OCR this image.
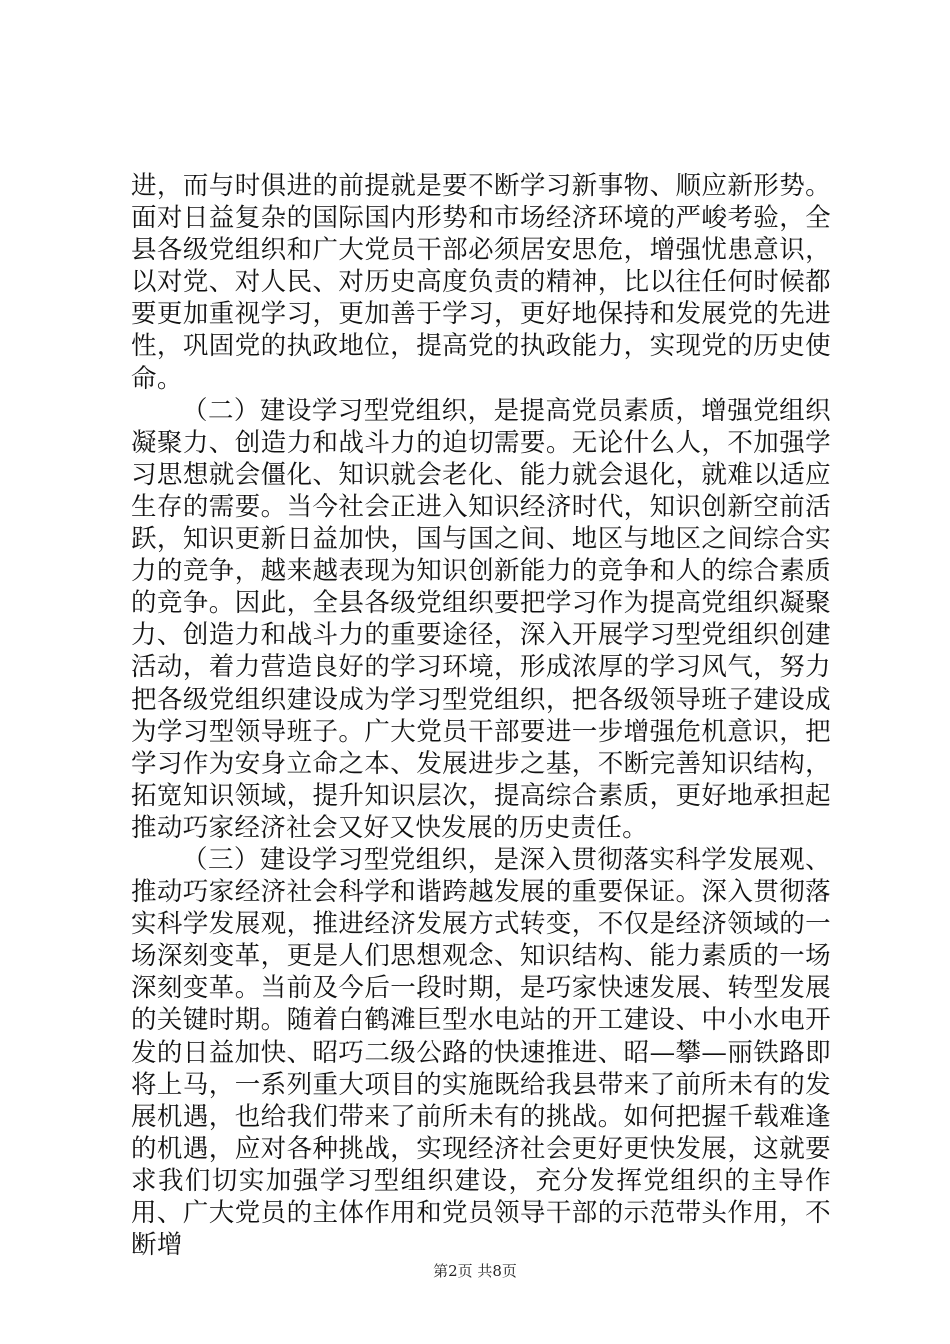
进，而与时俱进的前提就是要不断学习新事物、顺应新形势。面对日益复杂的国际国内形势和市场经济环境的严峻考验，全县各级党组织和广大党员干部必须居安思危，增强忧患意识，以对党、对人民、对历史高度负责的精神，比以往任何时候都要更加重视学习，更加善于学习，更好地保持和发展党的先进性，巩固党的执政地位，提高党的执政能力，实现党的历史使命。

（二）建设学习型党组织，是提高党员素质，增强党组织凝聚力、创造力和战斗力的迫切需要。无论什么人，不加强学习思想就会僵化、知识就会老化、能力就会退化，就难以适应生存的需要。当今社会正进入知识经济时代，知识创新空前活跃，知识更新日益加快，国与国之间、地区与地区之间综合实力的竞争，越来越表现为知识创新能力的竞争和人的综合素质的竞争。因此，全县各级党组织要把学习作为提高党组织凝聚力、创造力和战斗力的重要途径，深入开展学习型党组织创建活动，着力营造良好的学习环境，形成浓厚的学习风气，努力把各级党组织建设成为学习型党组织，把各级领导班子建设成为学习型领导班子。广大党员干部要进一步增强危机意识，把学习作为安身立命之本、发展进步之基，不断完善知识结构，拓宽知识领域，提升知识层次，提高综合素质，更好地承担起推动巧家经济社会又好又快发展的历史责任。

（三）建设学习型党组织，是深入贯彻落实科学发展观、推动巧家经济社会科学和谐跨越发展的重要保证。深入贯彻落实科学发展观，推进经济发展方式转变，不仅是经济领域的一场深刻变革，更是人们思想观念、知识结构、能力素质的一场深刻变革。当前及今后一段时期，是巧家快速发展、转型发展的关键时期。随着白鹤滩巨型水电站的开工建设、中小水电开发的日益加快、昭巧二级公路的快速推进、昭—攀—丽铁路即将上马，一系列重大项目的实施既给我县带来了前所未有的发展机遇，也给我们带来了前所未有的挑战。如何把握千载难逢的机遇，应对各种挑战，实现经济社会更好更快发展，这就要求我们切实加强学习型组织建设，充分发挥党组织的主导作用、广大党员的主体作用和党员领导干部的示范带头作用，不断增

第2页 共8页
